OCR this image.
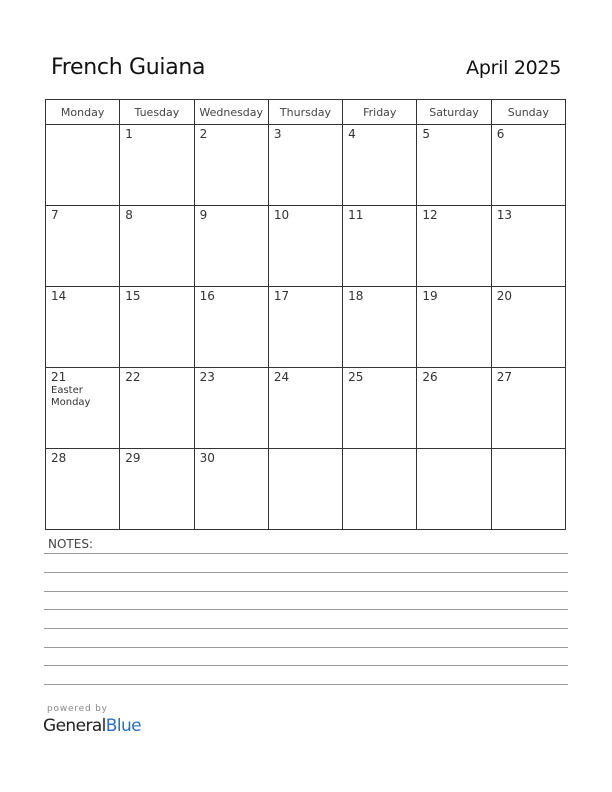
French Guiana	April 2025
Monday	Tuesday	Wednesday	Thursday	Friday	Saturday	Sunday

	1	2	3	4	5	6

7	8	9	10	11	12	13

14	15	16	17	18	19	20

21
Easter
Monday	22	23	24	25	26	27

28	29	30				

NOTES:
powered by
GeneralBlue
